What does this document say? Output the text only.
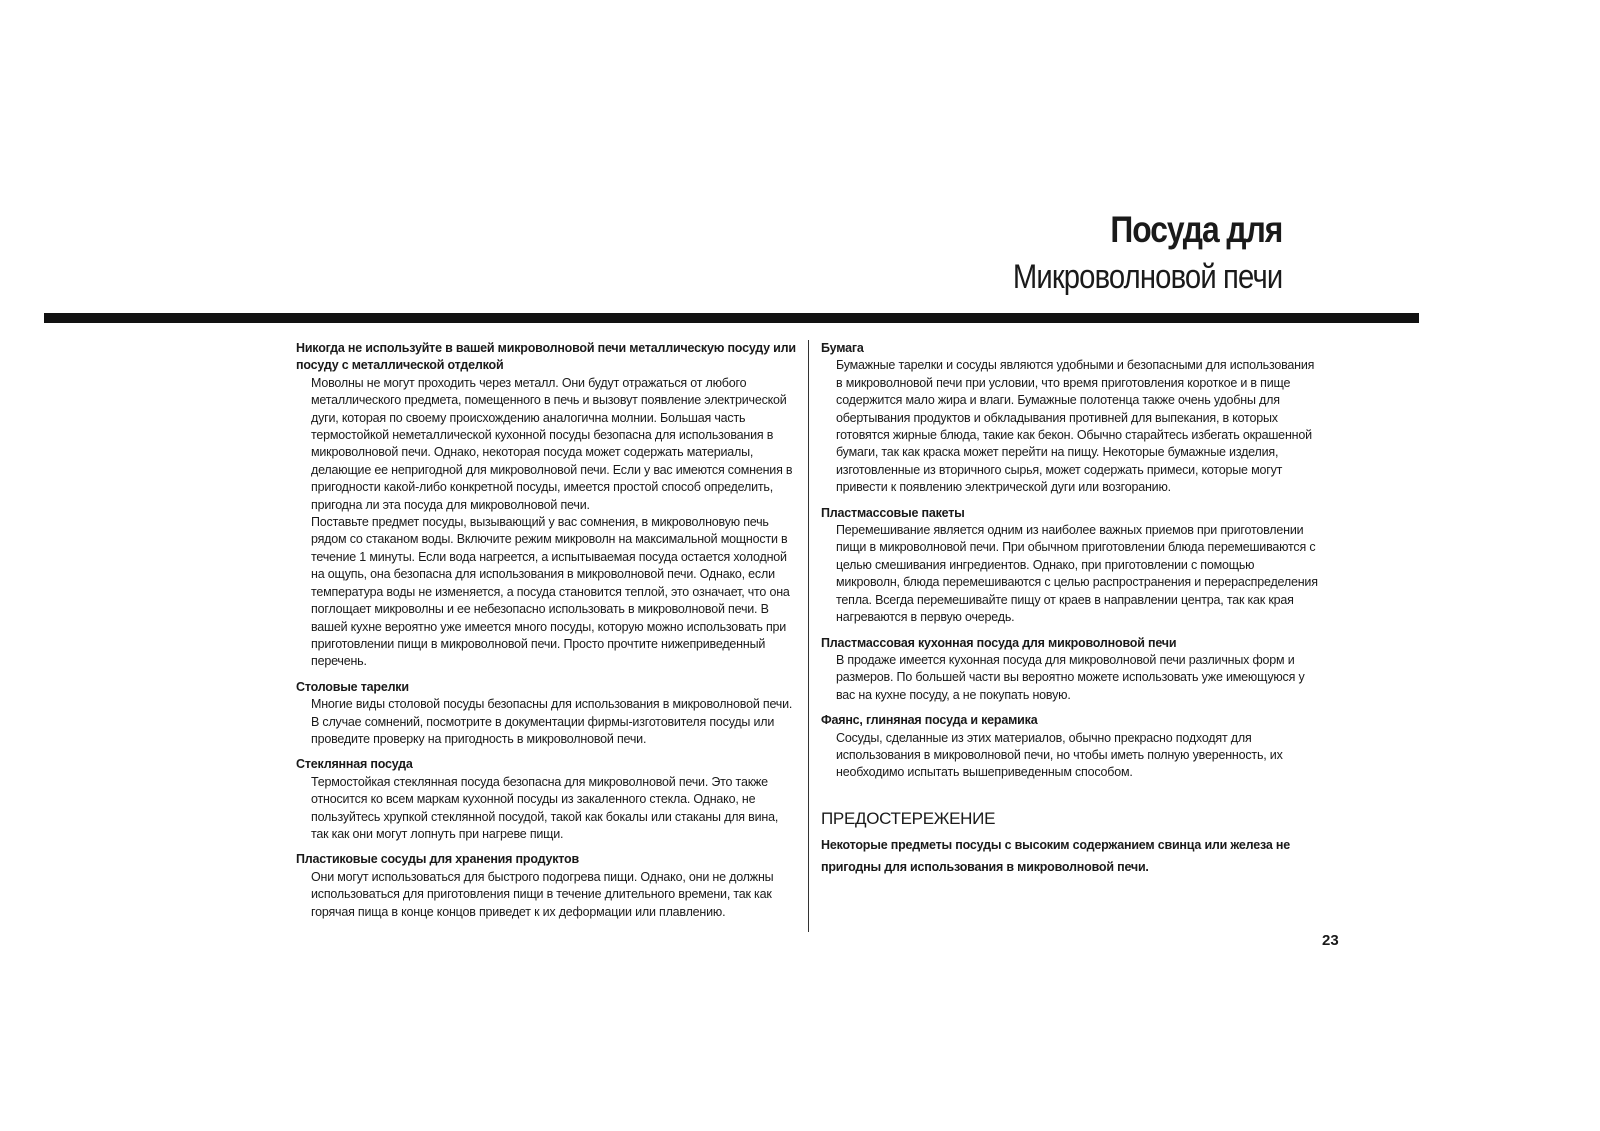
Посуда для
Микроволновой печи
Никогда не используйте в вашей микроволновой печи металлическую посуду или посуду с металлической отделкой
Моволны не могут проходить через металл. Они будут отражаться от любого металлического предмета, помещенного в печь и вызовут появление электрической дуги, которая по своему происхождению аналогична молнии. Большая часть термостойкой неметаллической кухонной посуды безопасна для использования в микроволновой печи. Однако, некоторая посуда может содержать материалы, делающие ее непригодной для микроволновой печи. Если у вас имеются сомнения в пригодности какой-либо конкретной посуды, имеется простой способ определить, пригодна ли эта посуда для микроволновой печи.
Поставьте предмет посуды, вызывающий у вас сомнения, в микроволновую печь рядом со стаканом воды. Включите режим микроволн на максимальной мощности в течение 1 минуты. Если вода нагреется, а испытываемая посуда остается холодной на ощупь, она безопасна для использования в микроволновой печи. Однако, если температура воды не изменяется, а посуда становится теплой, это означает, что она поглощает микроволны и ее небезопасно использовать в микроволновой печи. В вашей кухне вероятно уже имеется много посуды, которую можно использовать при приготовлении пищи в микроволновой печи. Просто прочтите нижеприведенный перечень.
Столовые тарелки
Многие виды столовой посуды безопасны для использования в микроволновой печи. В случае сомнений, посмотрите в документации фирмы-изготовителя посуды или проведите проверку на пригодность в микроволновой печи.
Стеклянная посуда
Термостойкая стеклянная посуда безопасна для микроволновой печи. Это также относится ко всем маркам кухонной посуды из закаленного стекла. Однако, не пользуйтесь хрупкой стеклянной посудой, такой как бокалы или стаканы для вина, так как они могут лопнуть при нагреве пищи.
Пластиковые сосуды для хранения продуктов
Они могут использоваться для быстрого подогрева пищи. Однако, они не должны использоваться для приготовления пищи в течение длительного времени, так как горячая пища в конце концов приведет к их деформации или плавлению.
Бумага
Бумажные тарелки и сосуды являются удобными и безопасными для использования в микроволновой печи при условии, что время приготовления короткое и в пище содержится мало жира и влаги. Бумажные полотенца также очень удобны для обертывания продуктов и обкладывания противней для выпекания, в которых готовятся жирные блюда, такие как бекон. Обычно старайтесь избегать окрашенной бумаги, так как краска может перейти на пищу. Некоторые бумажные изделия, изготовленные из вторичного сырья, может содержать примеси, которые могут привести к появлению электрической дуги или возгоранию.
Пластмассовые пакеты
Перемешивание является одним из наиболее важных приемов при приготовлении пищи в микроволновой печи. При обычном приготовлении блюда перемешиваются с целью смешивания ингредиентов. Однако, при приготовлении с помощью микроволн, блюда перемешиваются с целью распространения и перераспределения тепла. Всегда перемешивайте пищу от краев в направлении центра, так как края нагреваются в первую очередь.
Пластмассовая кухонная посуда для микроволновой печи
В продаже имеется кухонная посуда для микроволновой печи различных форм и размеров. По большей части вы вероятно можете использовать уже имеющуюся у вас на кухне посуду, а не покупать новую.
Фаянс, глиняная посуда и керамика
Сосуды, сделанные из этих материалов, обычно прекрасно подходят для использования в микроволновой печи, но чтобы иметь полную уверенность, их необходимо испытать вышеприведенным способом.
ПРЕДОСТЕРЕЖЕНИЕ
Некоторые предметы посуды с высоким содержанием свинца или железа не пригодны для использования в микроволновой печи.
23
